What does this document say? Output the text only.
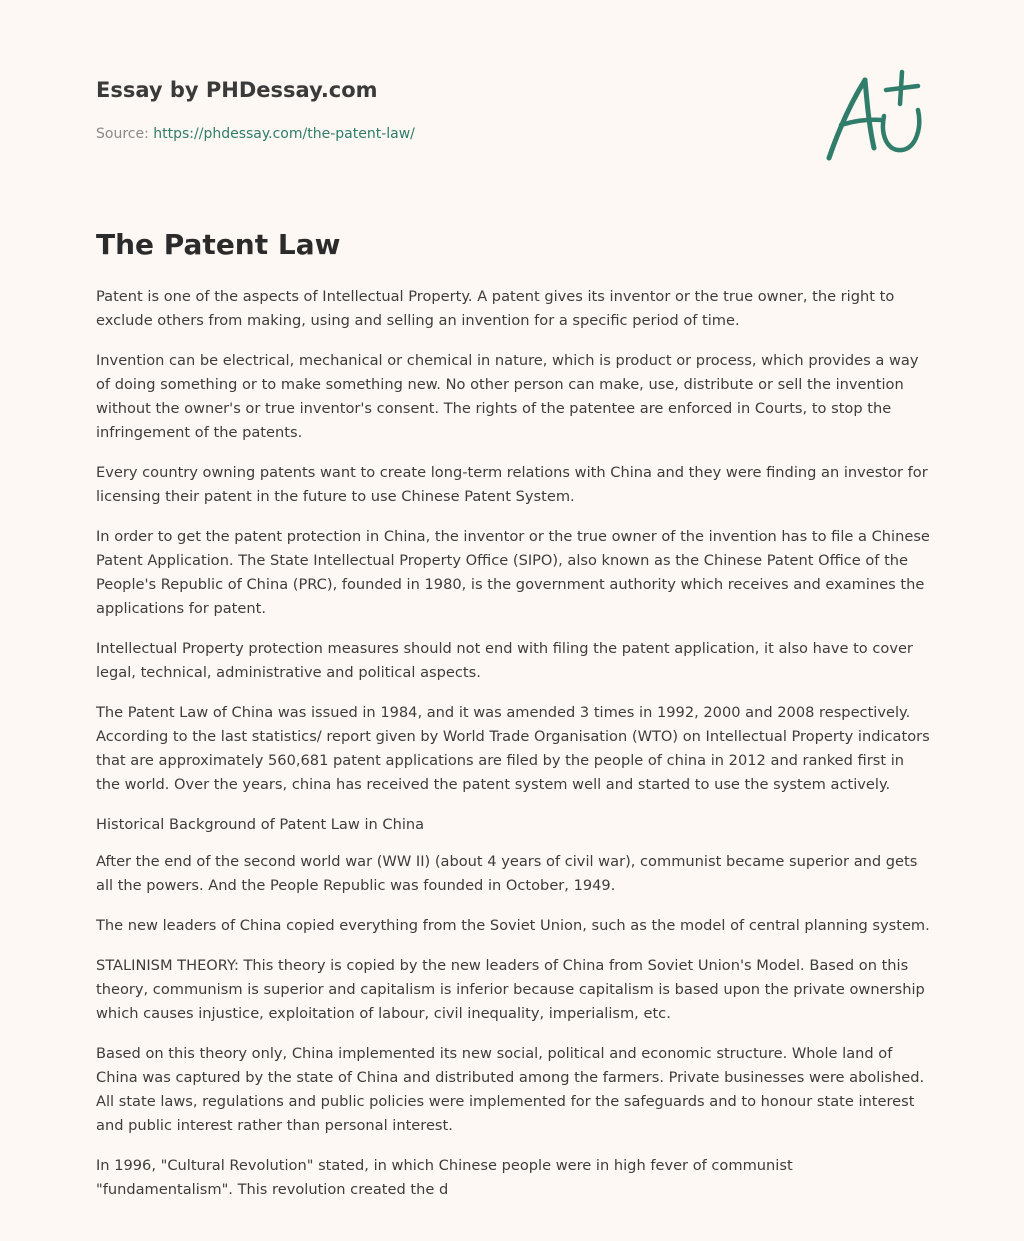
Essay by PHDessay.com
Source: https://phdessay.com/the-patent-law/
The Patent Law

Patent is one of the aspects of Intellectual Property. A patent gives its inventor or the true owner, the right to exclude others from making, using and selling an invention for a specific period of time.

Invention can be electrical, mechanical or chemical in nature, which is product or process, which provides a way of doing something or to make something new. No other person can make, use, distribute or sell the invention without the owner's or true inventor's consent. The rights of the patentee are enforced in Courts, to stop the infringement of the patents.

Every country owning patents want to create long-term relations with China and they were finding an investor for licensing their patent in the future to use Chinese Patent System.

In order to get the patent protection in China, the inventor or the true owner of the invention has to file a Chinese Patent Application. The State Intellectual Property Office (SIPO), also known as the Chinese Patent Office of the People's Republic of China (PRC), founded in 1980, is the government authority which receives and examines the applications for patent.

Intellectual Property protection measures should not end with filing the patent application, it also have to cover legal, technical, administrative and political aspects.

The Patent Law of China was issued in 1984, and it was amended 3 times in 1992, 2000 and 2008 respectively. According to the last statistics/ report given by World Trade Organisation (WTO) on Intellectual Property indicators that are approximately 560,681 patent applications are filed by the people of china in 2012 and ranked first in the world. Over the years, china has received the patent system well and started to use the system actively.

Historical Background of Patent Law in China

After the end of the second world war (WW II) (about 4 years of civil war), communist became superior and gets all the powers. And the People Republic was founded in October, 1949.

The new leaders of China copied everything from the Soviet Union, such as the model of central planning system.

STALINISM THEORY: This theory is copied by the new leaders of China from Soviet Union's Model. Based on this theory, communism is superior and capitalism is inferior because capitalism is based upon the private ownership which causes injustice, exploitation of labour, civil inequality, imperialism, etc.

Based on this theory only, China implemented its new social, political and economic structure. Whole land of China was captured by the state of China and distributed among the farmers. Private businesses were abolished. All state laws, regulations and public policies were implemented for the safeguards and to honour state interest and public interest rather than personal interest.

In 1996, "Cultural Revolution" stated, in which Chinese people were in high fever of communist "fundamentalism". This revolution created the d
